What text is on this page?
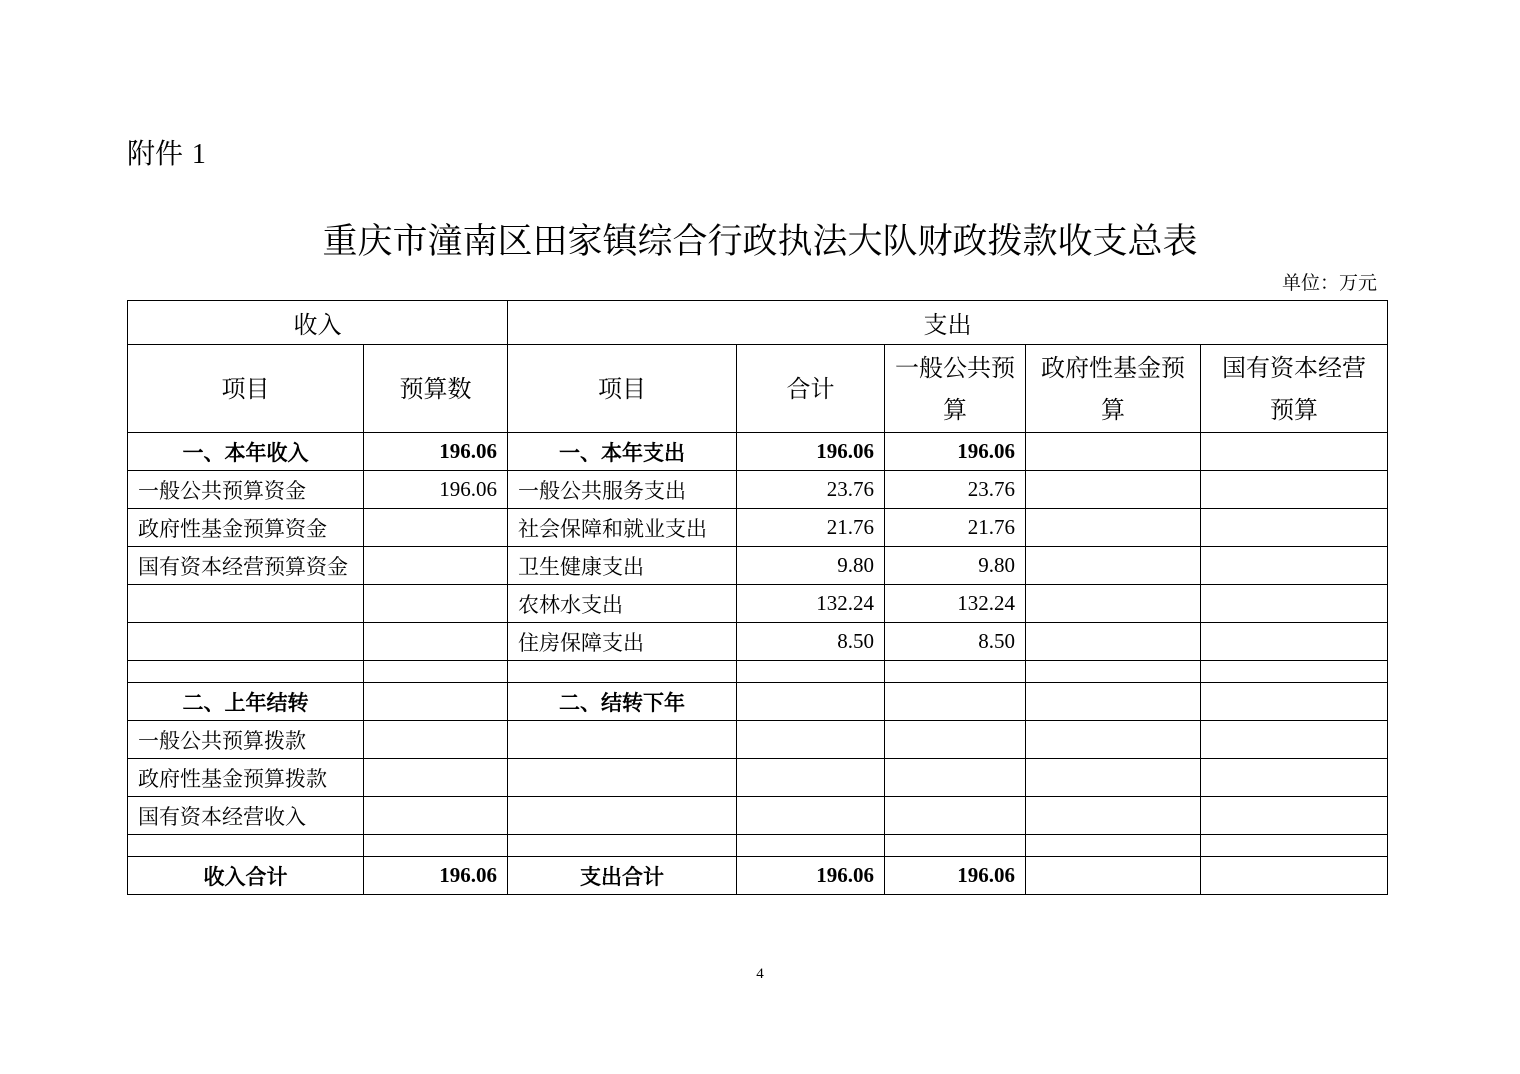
附件 1
重庆市潼南区田家镇综合行政执法大队财政拨款收支总表
单位：万元
收入		支出				
项目	预算数	项目	合计	一般公共预算	政府性基金预算	国有资本经营预算
一、本年收入	196.06	一、本年支出	196.06	196.06		
一般公共预算资金	196.06	一般公共服务支出	23.76	23.76		
政府性基金预算资金		社会保障和就业支出	21.76	21.76		
国有资本经营预算资金		卫生健康支出	9.80	9.80		
		农林水支出	132.24	132.24		
		住房保障支出	8.50	8.50		

二、上年结转		二、结转下年				
一般公共预算拨款						
政府性基金预算拨款						
国有资本经营收入						

收入合计	196.06	支出合计	196.06	196.06		
4
